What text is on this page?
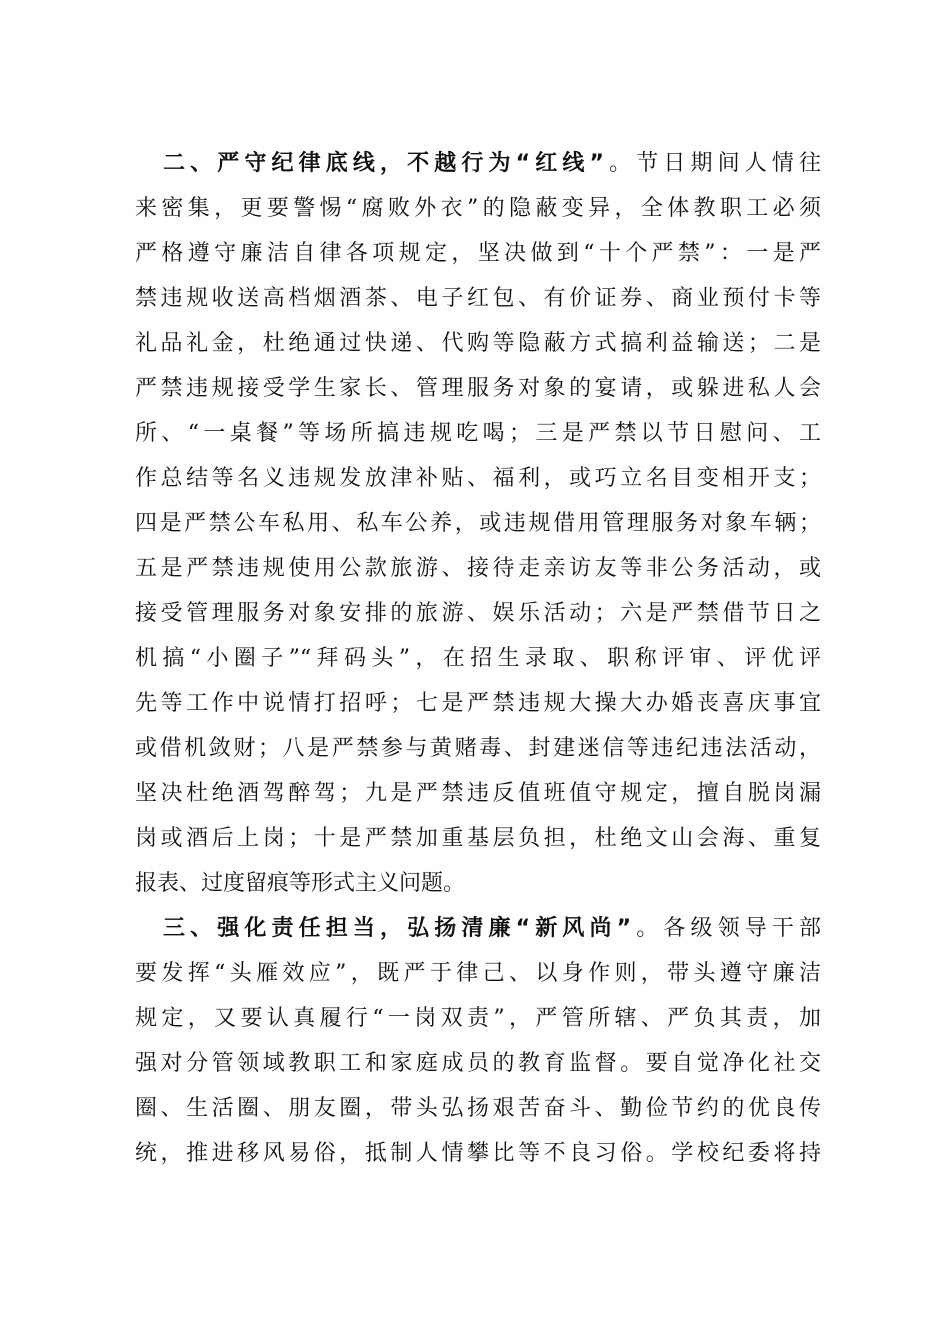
二、严守纪律底线，不越行为“红线”。节日期间人情往
来密集，更要警惕“腐败外衣”的隐蔽变异，全体教职工必须
严格遵守廉洁自律各项规定，坚决做到“十个严禁”：一是严
禁违规收送高档烟酒茶、电子红包、有价证券、商业预付卡等
礼品礼金，杜绝通过快递、代购等隐蔽方式搞利益输送；二是
严禁违规接受学生家长、管理服务对象的宴请，或躲进私人会
所、“一桌餐”等场所搞违规吃喝；三是严禁以节日慰问、工
作总结等名义违规发放津补贴、福利，或巧立名目变相开支；
四是严禁公车私用、私车公养，或违规借用管理服务对象车辆；
五是严禁违规使用公款旅游、接待走亲访友等非公务活动，或
接受管理服务对象安排的旅游、娱乐活动；六是严禁借节日之
机搞“小圈子”“拜码头”，在招生录取、职称评审、评优评
先等工作中说情打招呼；七是严禁违规大操大办婚丧喜庆事宜
或借机敛财；八是严禁参与黄赌毒、封建迷信等违纪违法活动，
坚决杜绝酒驾醉驾；九是严禁违反值班值守规定，擅自脱岗漏
岗或酒后上岗；十是严禁加重基层负担，杜绝文山会海、重复
报表、过度留痕等形式主义问题。
三、强化责任担当，弘扬清廉“新风尚”。各级领导干部
要发挥“头雁效应”，既严于律己、以身作则，带头遵守廉洁
规定，又要认真履行“一岗双责”，严管所辖、严负其责，加
强对分管领域教职工和家庭成员的教育监督。要自觉净化社交
圈、生活圈、朋友圈，带头弘扬艰苦奋斗、勤俭节约的优良传
统，推进移风易俗，抵制人情攀比等不良习俗。学校纪委将持
